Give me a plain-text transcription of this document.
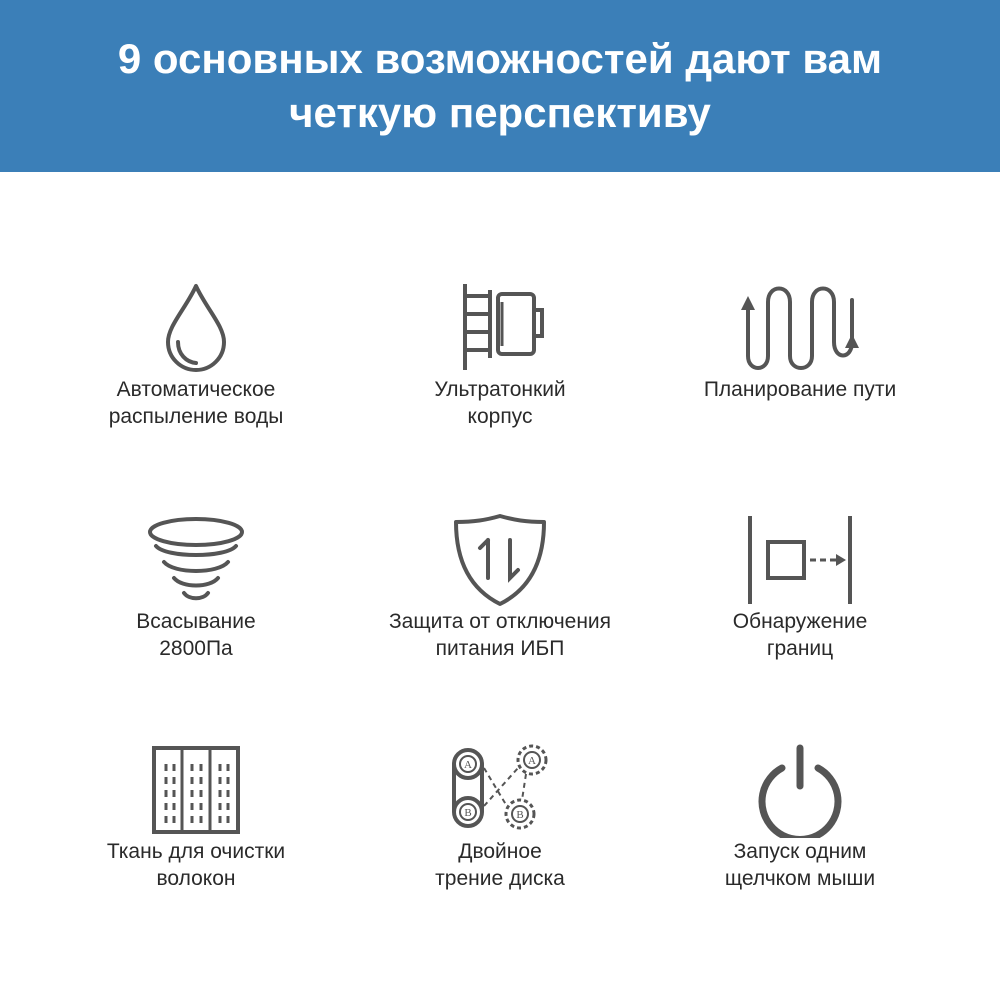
9 основных возможностей дают вам
четкую перспективу
Автоматическое
распыление воды
Ультратонкий
корпус
Планирование пути
Всасывание
2800Па
Защита от отключения
питания ИБП
Обнаружение
границ
Ткань для очистки
волокон
A
B
A
B
Двойное
трение диска
Запуск одним
щелчком мыши
